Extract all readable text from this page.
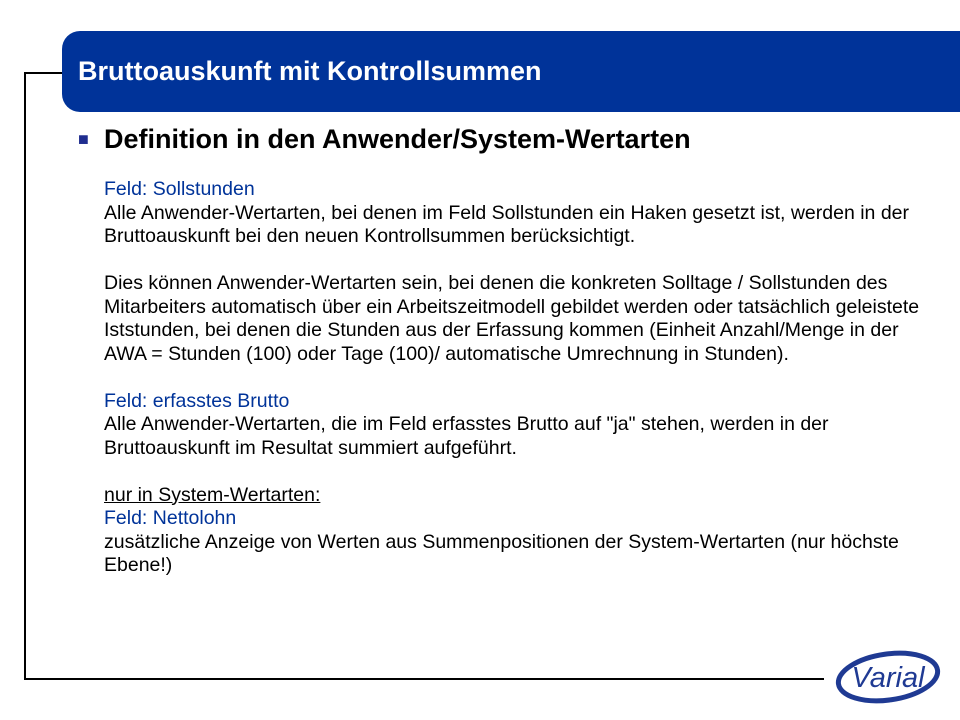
Bruttoauskunft mit Kontrollsummen
■ Definition in den Anwender/System-Wertarten

Feld: Sollstunden

Alle Anwender-Wertarten, bei denen im Feld Sollstunden ein Haken gesetzt ist, werden in der Bruttoauskunft bei den neuen Kontrollsummen berücksichtigt.

Dies können Anwender-Wertarten sein, bei denen die konkreten Solltage / Sollstunden des Mitarbeiters automatisch über ein Arbeitszeitmodell gebildet werden oder tatsächlich geleistete Iststunden, bei denen die Stunden aus der Erfassung kommen (Einheit Anzahl/Menge in der AWA = Stunden (100) oder Tage (100)/ automatische Umrechnung in Stunden).

Feld: erfasstes Brutto

Alle Anwender-Wertarten, die im Feld erfasstes Brutto auf "ja" stehen, werden in der Bruttoauskunft im Resultat summiert aufgeführt.

nur in System-Wertarten:

Feld: Nettolohn

zusätzliche Anzeige von Werten aus Summenpositionen der System-Wertarten (nur höchste Ebene!)

Varial
